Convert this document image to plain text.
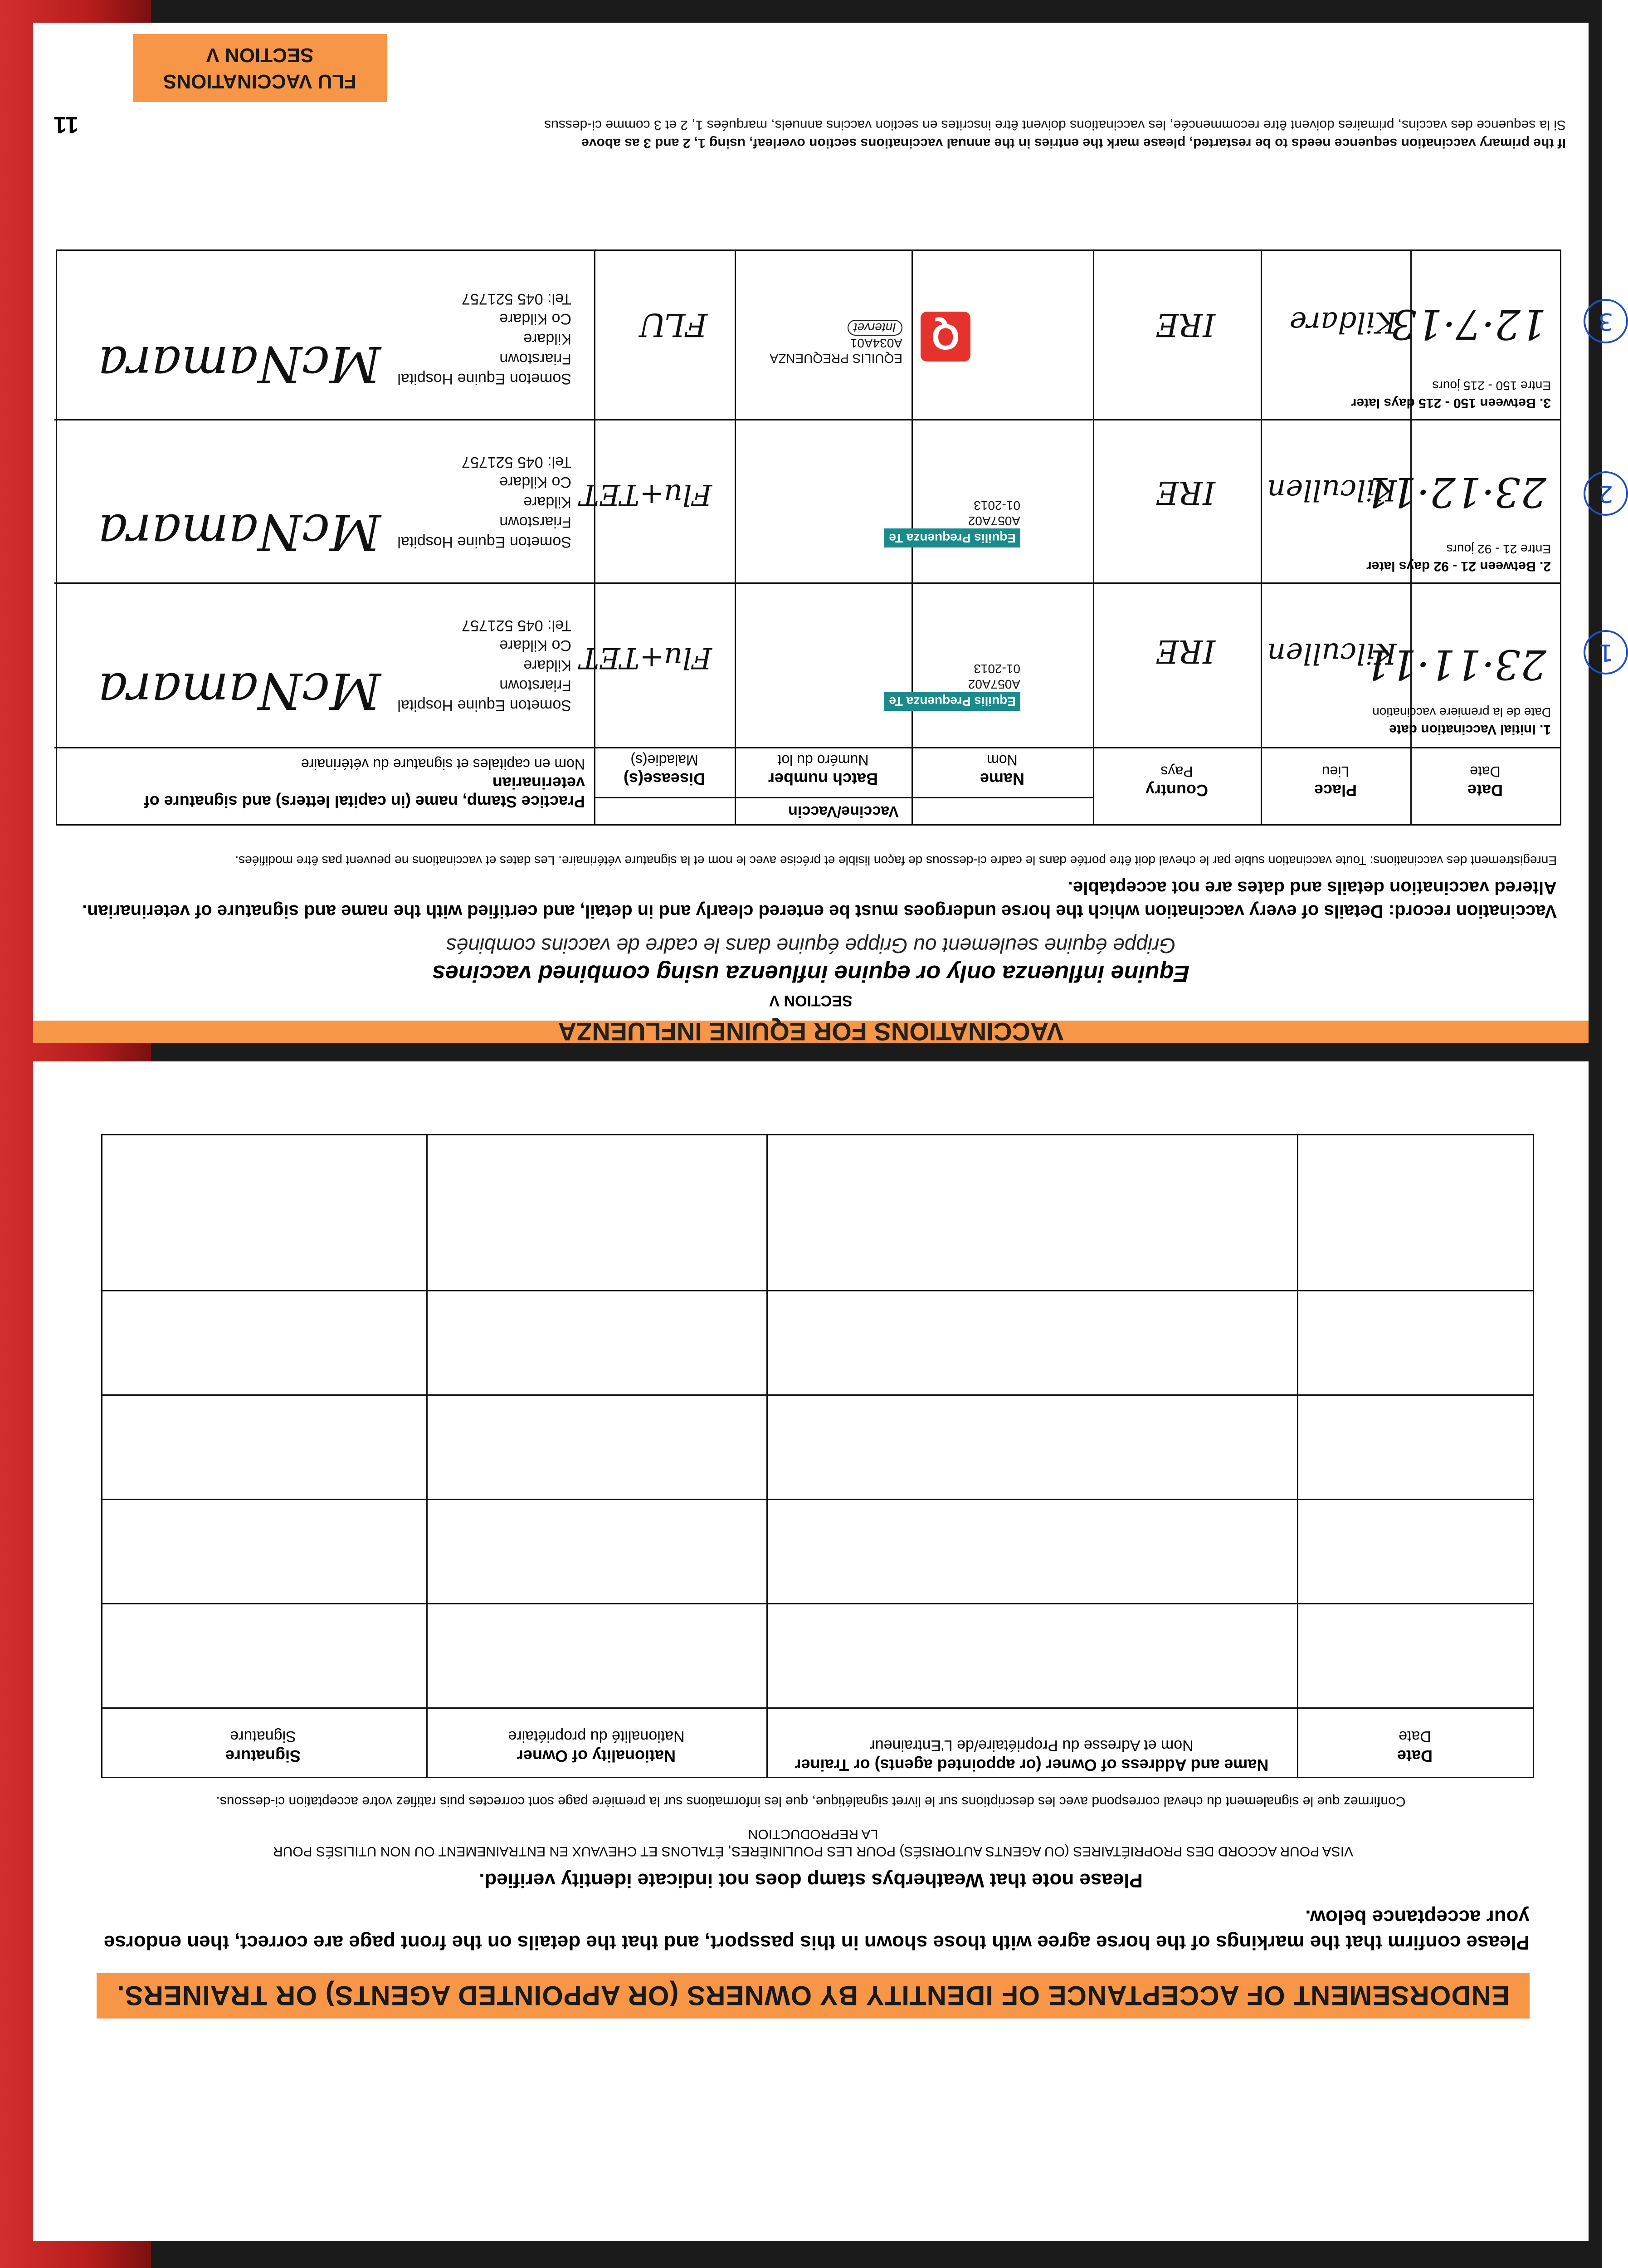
VACCINATIONS FOR EQUINE INFLUENZA
SECTION V
Equine influenza only or equine influenza using combined vaccines
Grippe équine seulement ou Grippe équine dans le cadre de vaccins combinés
Vaccination record: Details of every vaccination which the horse undergoes must be entered clearly and in detail, and certified with the name and signature of veterinarian. Altered vaccination details and dates are not acceptable.
Enregistrement des vaccinations: Toute vaccination subie par le cheval doit être portée dans le cadre ci-dessous de façon lisible et précise avec le nom et la signature vétérinaire. Les dates et vaccinations ne peuvent pas être modifiées.
Vaccine/Vaccin
Date
Date
Place
Lieu
Country
Pays
Name
Nom
Batch number
Numéro du lot
Disease(s)
Maladie(s)
Practice Stamp, name (in capital letters) and signature of veterinarian
Nom en capitales et signature du vétérinaire
1. Initial Vaccination date
Date de la premiere vaccination
23·11·11
Kilcullen
IRE
Equilis Prequenza Te
A057A02
01-2013
Flu+TET
Someton Equine Hospital
Friarstown
Kildare
Co Kildare
Tel: 045 521757
McNamara
1
2. Between 21 - 92 days later
Entre 21 - 92 jours
23·12·11
Kilcullen
IRE
Equilis Prequenza Te
A057A02
01-2013
Flu+TET
Someton Equine Hospital
Friarstown
Kildare
Co Kildare
Tel: 045 521757
McNamara
2
3. Between 150 - 215 days later
Entre 150 - 215 jours
12·7·13
Kildare
IRE
Q
EQUILIS PREQUENZA
A034A01
Intervet
FLU
Someton Equine Hospital
Friarstown
Kildare
Co Kildare
Tel: 045 521757
McNamara
3
If the primary vaccination sequence needs to be restarted, please mark the entries in the annual vaccinations section overleaf, using 1, 2 and 3 as above
Si la sequence des vaccins, primaires doivent être recommencée, les vaccinations doivent être inscrites en section vaccins annuels, marquées 1, 2 et 3 comme ci-dessus
11
FLU VACCINATIONS
SECTION V
Date
Date
Name and Address of Owner (or appointed agents) or Trainer
Nom et Adresse du Propriétaire/de L'Entraineur
Nationality of Owner
Nationalité du propriétaire
Signature
Signature
Confirmez que le signalement du cheval correspond avec les descriptions sur le livret signalétique, que les informations sur la première page sont correctes puis ratifiez votre acceptation ci-dessous.
VISA POUR ACCORD DES PROPRIÉTAIRES (OU AGENTS AUTORISÉS) POUR LES POULINIÈRES, ÉTALONS ET CHEVAUX EN ENTRAINEMENT OU NON UTILISÉS POUR LA REPRODUCTION
Please note that Weatherbys stamp does not indicate identity verified.
Please confirm that the markings of the horse agree with those shown in this passport, and that the details on the front page are correct, then endorse your acceptance below.
ENDORSEMENT OF ACCEPTANCE OF IDENTITY BY OWNERS (OR APPOINTED AGENTS) OR TRAINERS.
